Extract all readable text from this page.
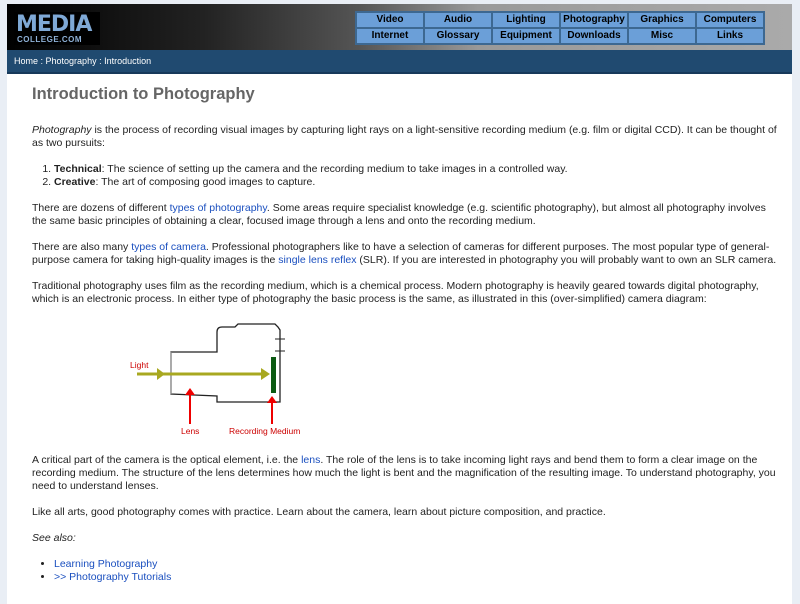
MEDIA
COLLEGE.COM
Video	Audio	Lighting	Photography	Graphics	Computers
Internet	Glossary	Equipment	Downloads	Misc	Links
Home : Photography : Introduction
Introduction to Photography

Photography is the process of recording visual images by capturing light rays on a light-sensitive recording medium (e.g. film or digital CCD). It can be thought of as two pursuits:

1. Technical: The science of setting up the camera and the recording medium to take images in a controlled way.
2. Creative: The art of composing good images to capture.

There are dozens of different types of photography. Some areas require specialist knowledge (e.g. scientific photography), but almost all photography involves the same basic principles of obtaining a clear, focused image through a lens and onto the recording medium.

There are also many types of camera. Professional photographers like to have a selection of cameras for different purposes. The most popular type of general-purpose camera for taking high-quality images is the single lens reflex (SLR). If you are interested in photography you will probably want to own an SLR camera.

Traditional photography uses film as the recording medium, which is a chemical process. Modern photography is heavily geared towards digital photography, which is an electronic process. In either type of photography the basic process is the same, as illustrated in this (over-simplified) camera diagram:

Light
Lens	Recording Medium

A critical part of the camera is the optical element, i.e. the lens. The role of the lens is to take incoming light rays and bend them to form a clear image on the recording medium. The structure of the lens determines how much the light is bent and the magnification of the resulting image. To understand photography, you need to understand lenses.

Like all arts, good photography comes with practice. Learn about the camera, learn about picture composition, and practice.

See also:

• Learning Photography
• >> Photography Tutorials
